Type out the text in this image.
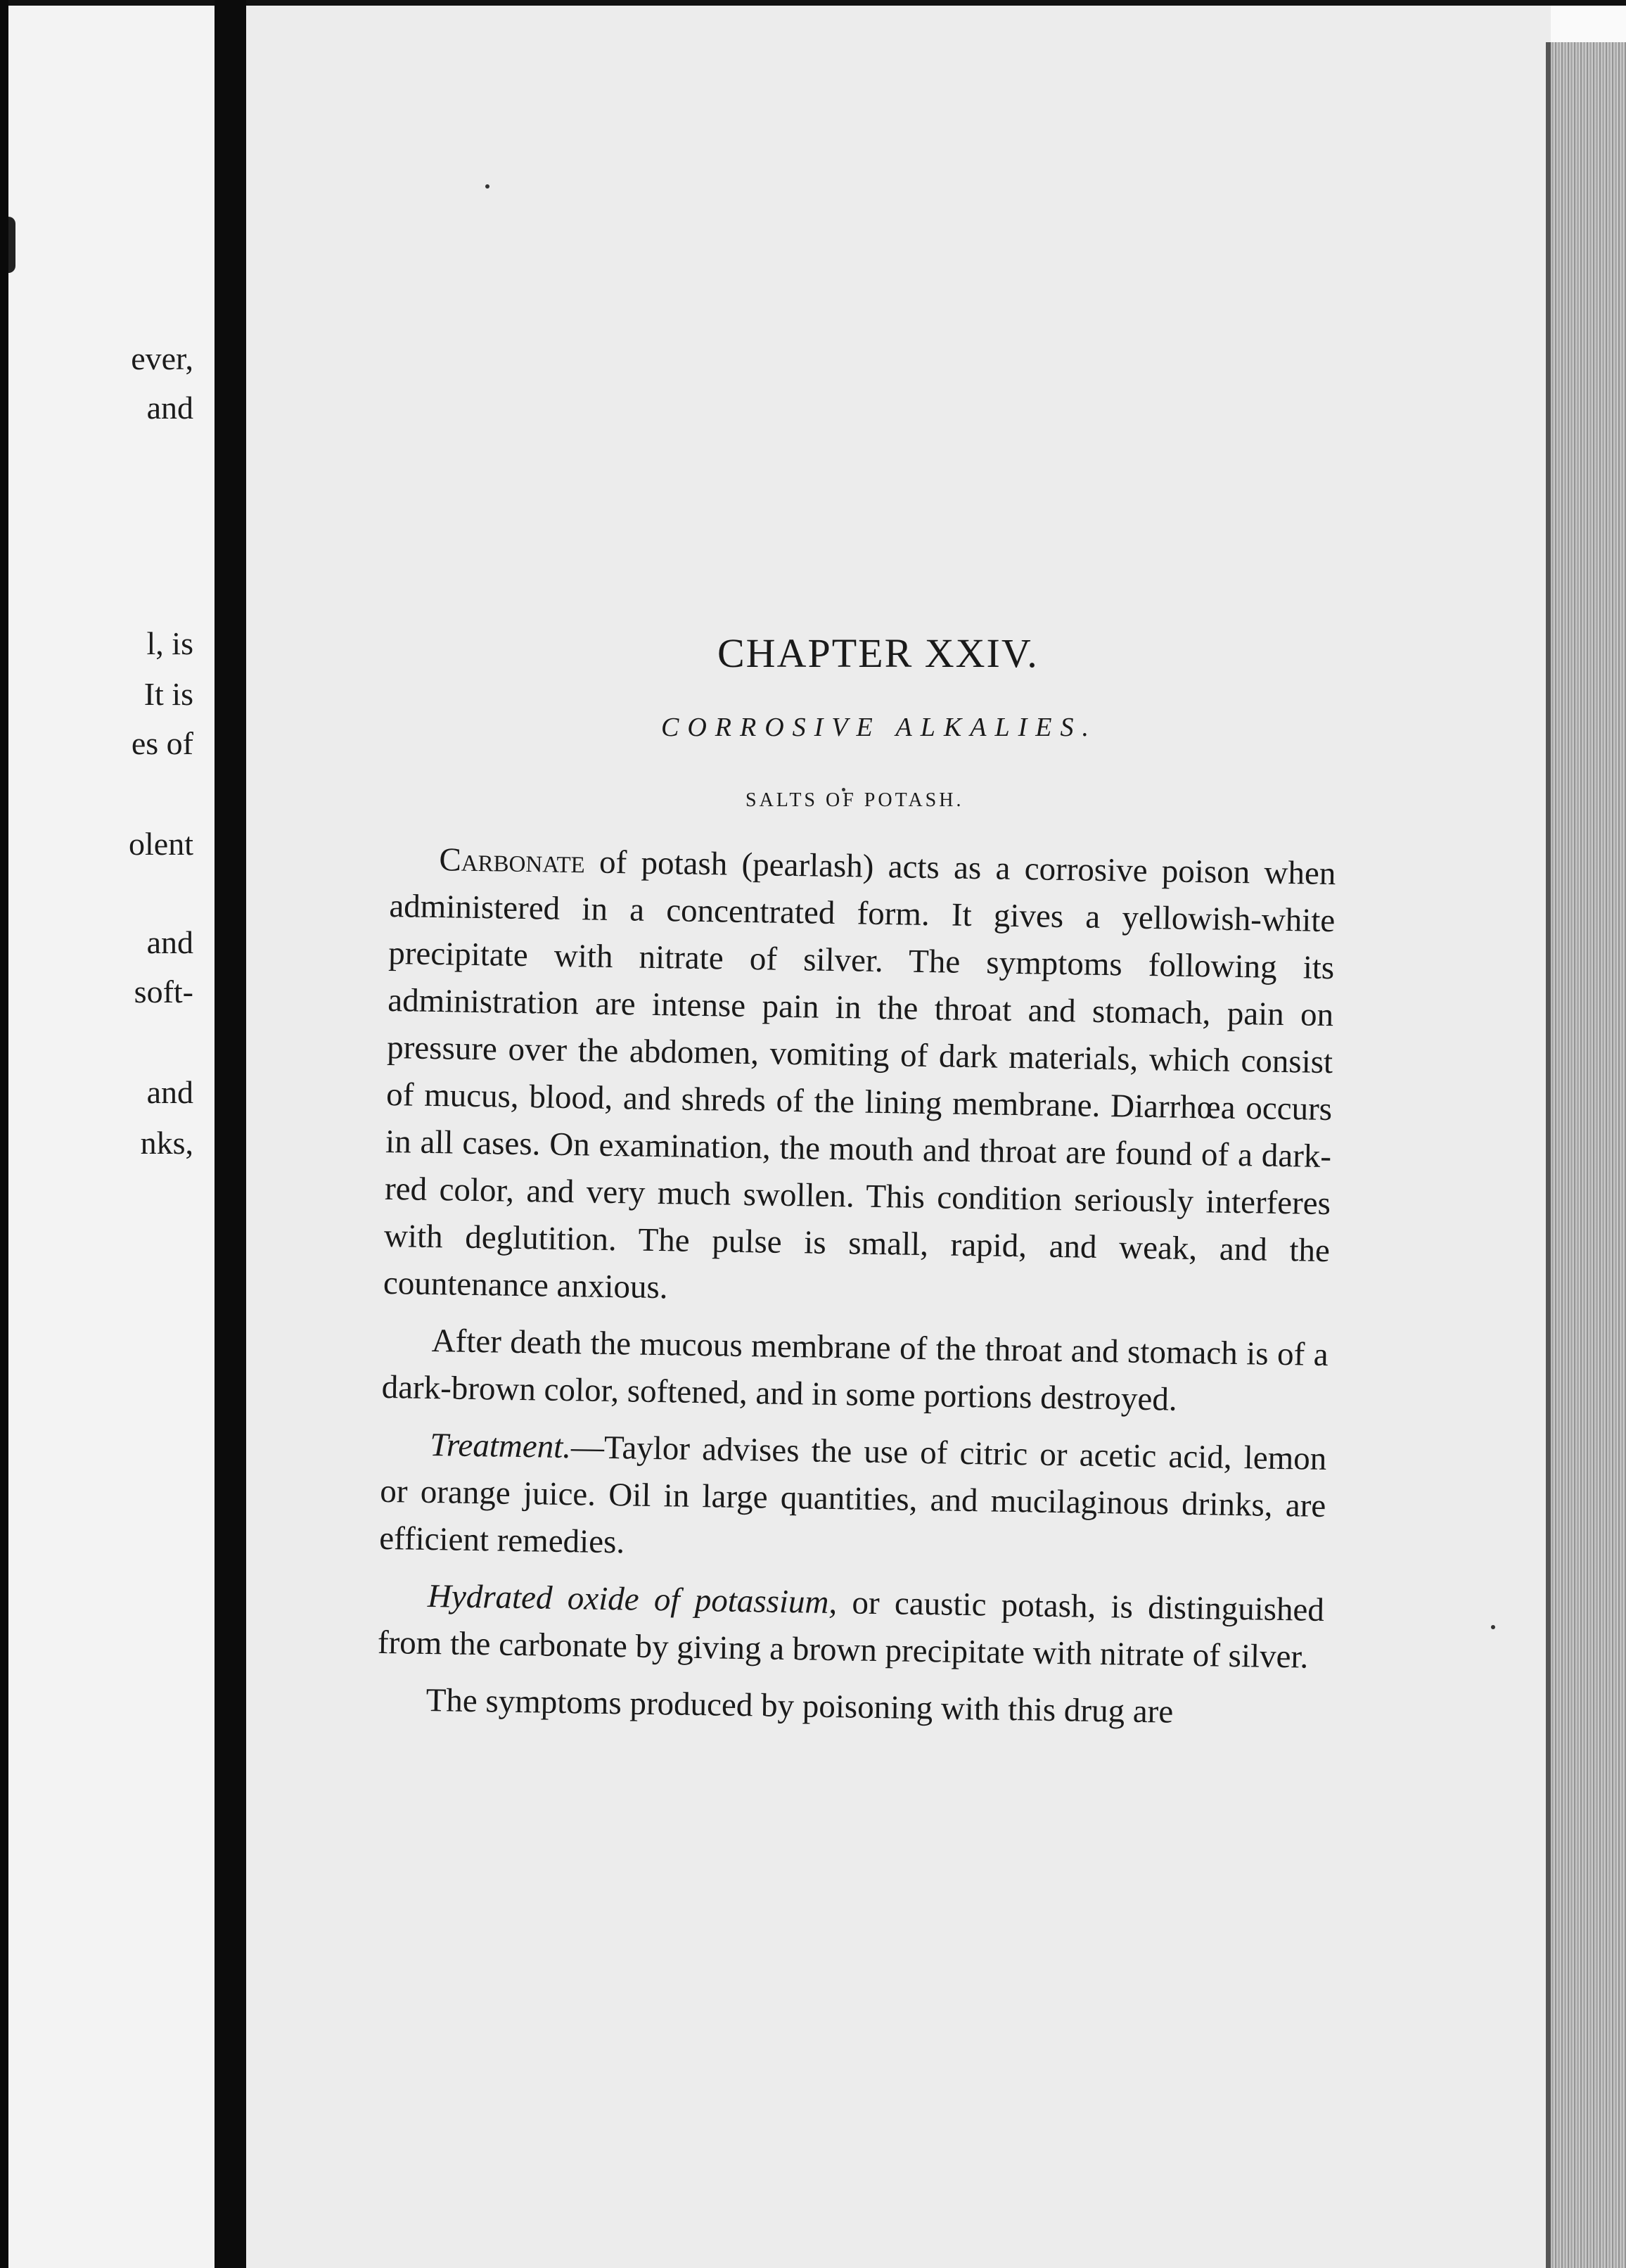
ever,
and
l, is
It is
es of
olent
and
soft-
and
nks,
CHAPTER XXIV.
CORROSIVE ALKALIES.
SALTS OF POTASH.

Carbonate of potash (pearlash) acts as a corrosive poison when administered in a concentrated form. It gives a yellowish-white precipitate with nitrate of silver. The symptoms following its administration are intense pain in the throat and stomach, pain on pressure over the abdomen, vomiting of dark materials, which consist of mucus, blood, and shreds of the lining membrane. Diarrhœa occurs in all cases. On examination, the mouth and throat are found of a dark-red color, and very much swollen. This condition seriously interferes with deglutition. The pulse is small, rapid, and weak, and the countenance anxious.

After death the mucous membrane of the throat and stomach is of a dark-brown color, softened, and in some portions destroyed.

Treatment.—Taylor advises the use of citric or acetic acid, lemon or orange juice. Oil in large quantities, and mucilaginous drinks, are efficient remedies.

Hydrated oxide of potassium, or caustic potash, is distinguished from the carbonate by giving a brown precipitate with nitrate of silver.

The symptoms produced by poisoning with this drug are
